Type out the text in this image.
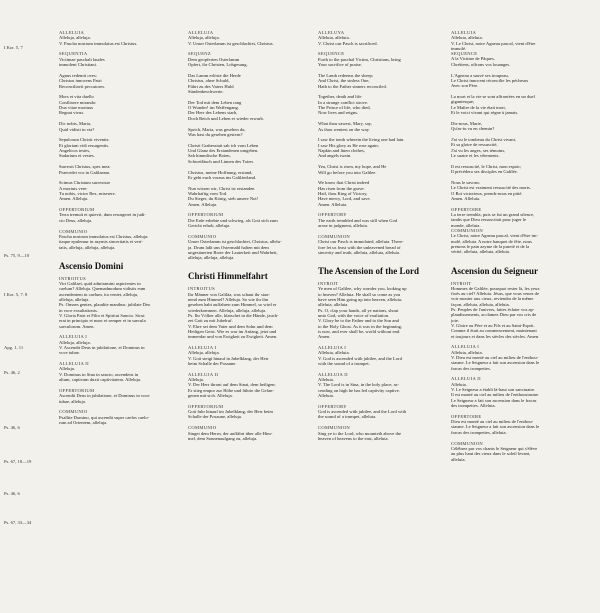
I Kor. 5, 7
Ps. 75, 9—10
I Kor. 5, 7. 8
Apg. 1, 11
Ps. 46, 2
Ps. 46, 6
Ps. 67, 18—19
Ps. 46, 6
Ps. 67, 33—34
ALLELUIA
Alleluja, alleluja.
V. Pascha nostrum immolatus est Christus.
SEQUENTIA
Victimae paschali laudes
immolent Christiani.
Agnus redemit oves:
Christus innocens Patri
Reconciliavit peccatores.
Mors et vita duello
Conflixere mirando:
Dux vitae mortuus
Regnat vivus.
Dic nobis, Maria,
Quid vidisti in via?
Sepulcrum Christi viventis:
Et gloriam vidi resurgentis.
Angelicos testes,
Sudarium et vestes.
Surrexit Christus, spes mea:
Praecedet vos in Galilaeam.
Scimus Christum surrexisse
A mortuis vere:
Tu nobis, victor Rex, miserere.
Amen. Alleluja.
OFFERTORIUM
Terra tremuit et quievit, dum resurgeret in judi-
cio Deus, alleluja.
COMMUNIO
Pascha nostrum immolatus est Christus, alleluja:
itaque epulemur in azymis sinceritatis et veri-
tatis, alleluja, alleluja, alleluja.
Ascensio Domini
INTROITUS
Viri Galilaei, quid admiramini aspicientes in
caelum? Alleluja. Quemadmodum vidistis eum
ascendentem in caelum, ita veniet, alleluja,
alleluja, alleluja.
Ps. Omnes gentes, plaudite manibus: jubilate Deo
in voce exsultationis.
V. Gloria Patri et Filio et Spiritui Sancto. Sicut
erat in principio et nunc et semper et in saecula
saeculorum. Amen.
ALLELUIA I
Alleluja, alleluja.
V. Ascendit Deus in jubilatione, et Dominus in
voce tubae.
ALLELUIA II
Alleluja.
V. Dominus in Sina in sancto, ascendens in
altum, captivam duxit captivitatem. Alleluja.
OFFERTORIUM
Ascendit Deus in jubilatione, et Dominus in voce
tubae, alleluja.
COMMUNIO
Psallite Domino, qui ascendit super caelos caelo-
rum ad Orientem, alleluja.
ALLELUJA
Alleluja, alleluja.
V. Unser Osterlamm ist geschlachtet, Christus.
SEQUENZ
Dem geopferten Osterlamm
Opfert, ihr Christen, Lobgesang.
Das Lamm erlöste die Herde
Christus, ohne Schuld,
Führt zu des Vaters Huld
Sündenbeschwerte.
Der Tod mit dem Leben rang
O Wunder! im Waffengang.
Der Herr des Lebens starb,
Doch Reich und Leben er wieder erwarb.
Sprich, Maria, was gesehen du,
Was hast du gesehen gestern?
Christi Grabesstatt sah ich vom Leben
Und Glanz des Erstandenen umgeben.
Sah himmlische Boten,
Schweißtuch und Linnen des Toten.
Christus, meine Hoffnung, erstand,
Er geht euch voraus ins Galiläerland.
Nun wissen wir, Christ ist erstanden
Wahrhaftig vom Tod.
Du Sieger, du König, sieh unsere Not!
Amen. Alleluja.
OFFERTORIUM
Die Erde erbebte und schwieg, als Gott sich zum
Gericht erhob, alleluja.
COMMUNIO
Unser Osterlamm ist geschlachtet, Christus, allelu-
ja. Drum laßt uns Ostermahl halten mit dem
ungesäuerten Brote der Lauterkeit und Wahrheit,
alleluja, alleluja, alleluja.
Christi Himmelfahrt
INTROITUS
Ihr Männer von Galiläa, was schaut ihr stau-
nend zum Himmel? Alleluja. So wie ihr ihn
gesehen habt auffahren zum Himmel, so wird er
wiederkommen. Alleluja, alleluja, alleluja.
Ps. Ihr Völker alle, klatschet in die Hände, jauch-
zet Gott zu mit Jubelruf.
V. Ehre sei dem Vater und dem Sohn und dem
Heiligen Geist. Wie es war im Anfang, jetzt und
immerdar und von Ewigkeit zu Ewigkeit. Amen.
ALLELUJA I
Alleluja, alleluja.
V. Gott steigt hinauf in Jubelklang, der Herr
beim Schalle der Posaune.
ALLELUJA II
Alleluja.
V. Der Herr thront auf dem Sinai, dem heiligen;
Er stieg empor zur Höhe und führte die Gefan-
genen mit sich. Alleluja.
OFFERTORIUM
Gott fuhr hinauf im Jubelklang, der Herr beim
Schalle der Posaune, alleluja.
COMMUNIO
Singet dem Herrn, der auffährt über alle Him-
mel, dem Sonnenaufgang zu, alleluja.
ALLELUYA
Alleluia, alleluia.
V. Christ our Pasch is sacrificed.
SEQUENCE
Forth to the paschal Victim, Christians, bring
Your sacrifice of praise.
The Lamb redeems the sheep;
And Christ, the sinless One,
Hath to the Father sinners reconciled.
Together, death and life
In a strange conflict strove.
The Prince of life, who died,
Now lives and reigns.
What thou sawest, Mary, say,
As thou wentest on the way.
I saw the tomb wherein the living one had lain.
I saw His glory as He rose again;
Napkin and linen clothes,
And angels twain.
Yea, Christ is risen, my hope, and He
Will go before you into Galilee.
We know that Christ indeed
Has risen from the grave:
Hail, thou King of Victory,
Have mercy, Lord, and save.
Amen. Alleluia.
OFFERTORY
The earth trembled and was still when God
arose in judgment, alleluia.
COMMUNION
Christ our Pasch is immolated, alleluia. There-
fore let us feast with the unleavened bread of
sincerity and truth, alleluia, alleluia, alleluia.
The Ascension of the Lord
INTROIT
Ye men of Galilee, why wonder you, looking up
to heaven? Alleluia. He shall so come as you
have seen Him going up into heaven, alleluia,
alleluia, alleluia.
Ps. O, clap your hands, all ye nations, shout
unto God, with the voice of exultation.
V. Glory be to the Father and to the Son and
to the Holy Ghost. As it was in the beginning,
is now, and ever shall be, world without end.
Amen.
ALLELUIA I
Alleluia, alleluia.
V. God is ascended with jubilee, and the Lord
with the sound of a trumpet.
ALLELUIA II
Alleluia.
V. The Lord is in Sina, in the holy place; as-
cending on high he has led captivity captive.
Alleluia.
OFFERTORY
God is ascended with jubilee, and the Lord with
the sound of a trumpet, alleluia.
COMMUNION
Sing ye to the Lord, who mounteth above the
heaven of heavens to the east, alleluia.
ALLELUIA
Alleluia, alleluia.
V. Le Christ, notre Agneau pascal, vient d'être
immolé.
SEQUENCE
A la Victime de Pâques,
Chrétiens, offrons vos louanges.
L'Agneau a sauvé ses troupeau,
Le Christ innocent réconcilie les pécheurs
Avec son Père.
La mort et la vie se sont affrontées en un duel
gigantesque;
Le Maître de la vie était mort,
Et le voici vivant qui règne à jamais.
Dis-nous, Marie,
Qu'as-tu vu en chemin?
J'ai vu le tombeau du Christ vivant,
Et sa gloire de ressuscité,
J'ai vu les anges, ses témoins,
Le suaire et les vêtements.
Il est ressuscité, le Christ, mon espoir;
Il précédera ses disciples en Galilée.
Nous le savons:
Le Christ est vraiment ressuscité des morts.
O Roi victorieux, prends-nous en pitié.
Amen. Alleluia.
OFFERTOIRE
La terre trembla, puis se fut un grand silence,
tandis que Dieu ressuscitait pour juger le
monde, alleluia.
COMMUNION
Le Christ, notre Agneau pascal, vient d'être im-
molé, alleluia. A notre banquet de fête, nous
prenons le pain azyme de la pureté et de la
vérité, alleluia, alleluia, alleluia.
Ascension du Seigneur
INTROIT
Hommes de Galilée, pourquoi rester là, les yeux
fixés au ciel? Alleluia. Jésus, que vous venez de
voir monter aux cieux, reviendra de la même
façon, alleluia, alleluia, alleluia.
Ps. Peuples de l'univers, faites éclater vos ap-
plaudissements, acclamez Dieu par vos cris de
joie.
V. Gloire au Père et au Fils et au Saint-Esprit.
Comme il était au commencement, maintenant
et toujours et dans les siècles des siècles. Amen.
ALLELUIA I
Alleluia, alleluia.
V. Dieu est monté au ciel au milieu de l'enthou-
siasme. Le Seigneur a fait son ascension dans le
fracas des trompettes.
ALLELUIA II
Alleluia.
V. Le Seigneur a établi là-haut son sanctuaire.
Il est monté au ciel au milieu de l'enthousiasme.
Le Seigneur a fait son ascension dans le fracas
des trompettes. Alleluia.
OFFERTOIRE
Dieu est monté au ciel au milieu de l'enthou-
siasme. Le Seigneur a fait son ascension dans le
fracas des trompettes, alleluia.
COMMUNION
Célébrez par vos chants le Seigneur qui s'élève
au plus haut des cieux dans le soleil levant,
alleluia.
